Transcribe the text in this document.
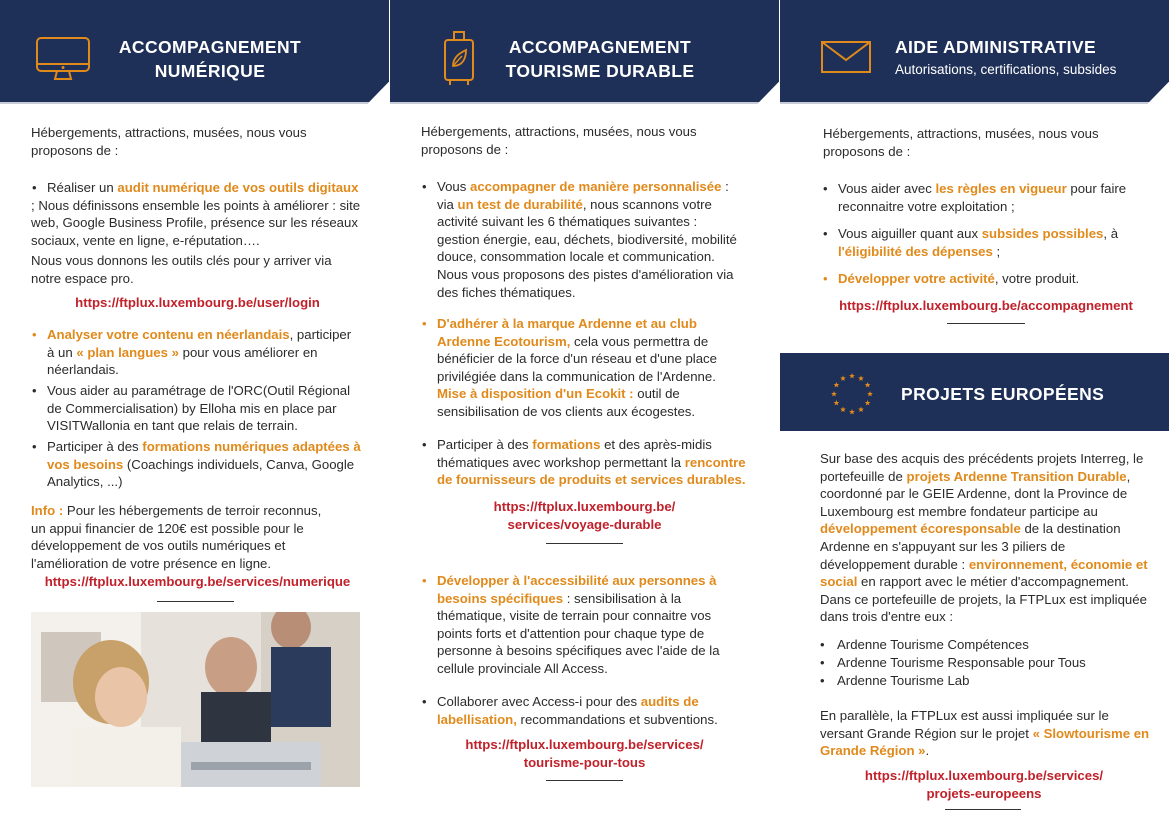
ACCOMPAGNEMENT
NUMÉRIQUE
Hébergements, attractions, musées, nous vous proposons de :
• Réaliser un audit numérique de vos outils digitaux ; Nous définissons ensemble les points à améliorer : site web, Google Business Profile, présence sur les réseaux sociaux, vente en ligne, e-réputation….
Nous vous donnons les outils clés pour y arriver via notre espace pro.
https://ftplux.luxembourg.be/user/login
• Analyser votre contenu en néerlandais, participer à un « plan langues » pour vous améliorer en néerlandais.
• Vous aider au paramétrage de l'ORC(Outil Régional de Commercialisation) by Elloha mis en place par VISITWallonia en tant que relais de terrain.
• Participer à des formations numériques adaptées à vos besoins (Coachings individuels, Canva, Google Analytics, ...)
Info : Pour les hébergements de terroir reconnus, un appui financier de 120€ est possible pour le développement de vos outils numériques et l'amélioration de votre présence en ligne.
https://ftplux.luxembourg.be/services/numerique
ACCOMPAGNEMENT
TOURISME DURABLE
Hébergements, attractions, musées, nous vous proposons de :
• Vous accompagner de manière personnalisée : via un test de durabilité, nous scannons votre activité suivant les 6 thématiques suivantes : gestion énergie, eau, déchets, biodiversité, mobilité douce, consommation locale et communication. Nous vous proposons des pistes d'amélioration via des fiches thématiques.
• D'adhérer à la marque Ardenne et au club Ardenne Ecotourism, cela vous permettra de bénéficier de la force d'un réseau et d'une place privilégiée dans la communication de l'Ardenne. Mise à disposition d'un Ecokit : outil de sensibilisation de vos clients aux écogestes.
• Participer à des formations et des après-midis thématiques avec workshop permettant la rencontre de fournisseurs de produits et services durables.
https://ftplux.luxembourg.be/
services/voyage-durable
• Développer à l'accessibilité aux personnes à besoins spécifiques : sensibilisation à la thématique, visite de terrain pour connaitre vos points forts et d'attention pour chaque type de personne à besoins spécifiques avec l'aide de la cellule provinciale All Access.
• Collaborer avec Access-i pour des audits de labellisation, recommandations et subventions.
https://ftplux.luxembourg.be/services/
tourisme-pour-tous
AIDE ADMINISTRATIVE
Autorisations, certifications, subsides
Hébergements, attractions, musées, nous vous proposons de :
• Vous aider avec les règles en vigueur pour faire reconnaitre votre exploitation ;
• Vous aiguiller quant aux subsides possibles, à l'éligibilité des dépenses ;
• Développer votre activité, votre produit.
https://ftplux.luxembourg.be/accompagnement
PROJETS EUROPÉENS
Sur base des acquis des précédents projets Interreg, le portefeuille de projets Ardenne Transition Durable, coordonné par le GEIE Ardenne, dont la Province de Luxembourg est membre fondateur participe au développement écoresponsable de la destination Ardenne en s'appuyant sur les 3 piliers de développement durable : environnement, économie et social en rapport avec le métier d'accompagnement. Dans ce portefeuille de projets, la FTPLux est impliquée dans trois d'entre eux :
• Ardenne Tourisme Compétences
• Ardenne Tourisme Responsable pour Tous
• Ardenne Tourisme Lab
En parallèle, la FTPLux est aussi impliquée sur le versant Grande Région sur le projet « Slowtourisme en Grande Région ».
https://ftplux.luxembourg.be/services/
projets-europeens
